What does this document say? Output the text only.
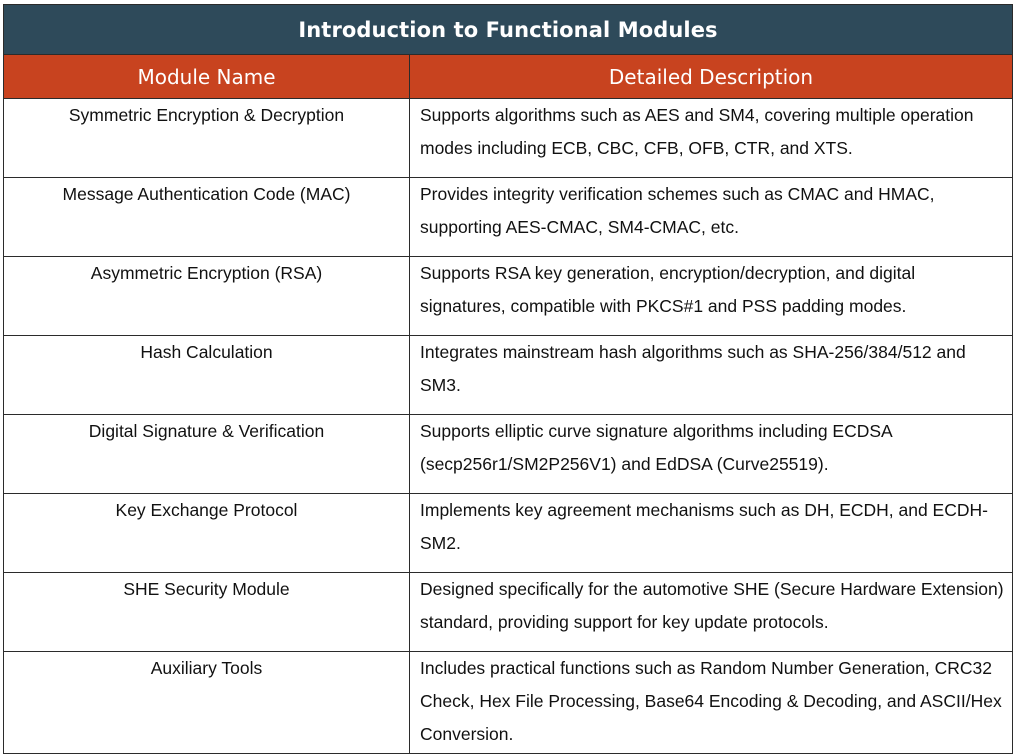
Introduction to Functional Modules	
Module Name	Detailed Description
Symmetric Encryption & Decryption	Supports algorithms such as AES and SM4, covering multiple operation modes including ECB, CBC, CFB, OFB, CTR, and XTS.
Message Authentication Code (MAC)	Provides integrity verification schemes such as CMAC and HMAC, supporting AES-CMAC, SM4-CMAC, etc.
Asymmetric Encryption (RSA)	Supports RSA key generation, encryption/decryption, and digital signatures, compatible with PKCS#1 and PSS padding modes.
Hash Calculation	Integrates mainstream hash algorithms such as SHA-256/384/512 and SM3.
Digital Signature & Verification	Supports elliptic curve signature algorithms including ECDSA (secp256r1/SM2P256V1) and EdDSA (Curve25519).
Key Exchange Protocol	Implements key agreement mechanisms such as DH, ECDH, and ECDH-SM2.
SHE Security Module	Designed specifically for the automotive SHE (Secure Hardware Extension) standard, providing support for key update protocols.
Auxiliary Tools	Includes practical functions such as Random Number Generation, CRC32 Check, Hex File Processing, Base64 Encoding & Decoding, and ASCII/Hex Conversion.
